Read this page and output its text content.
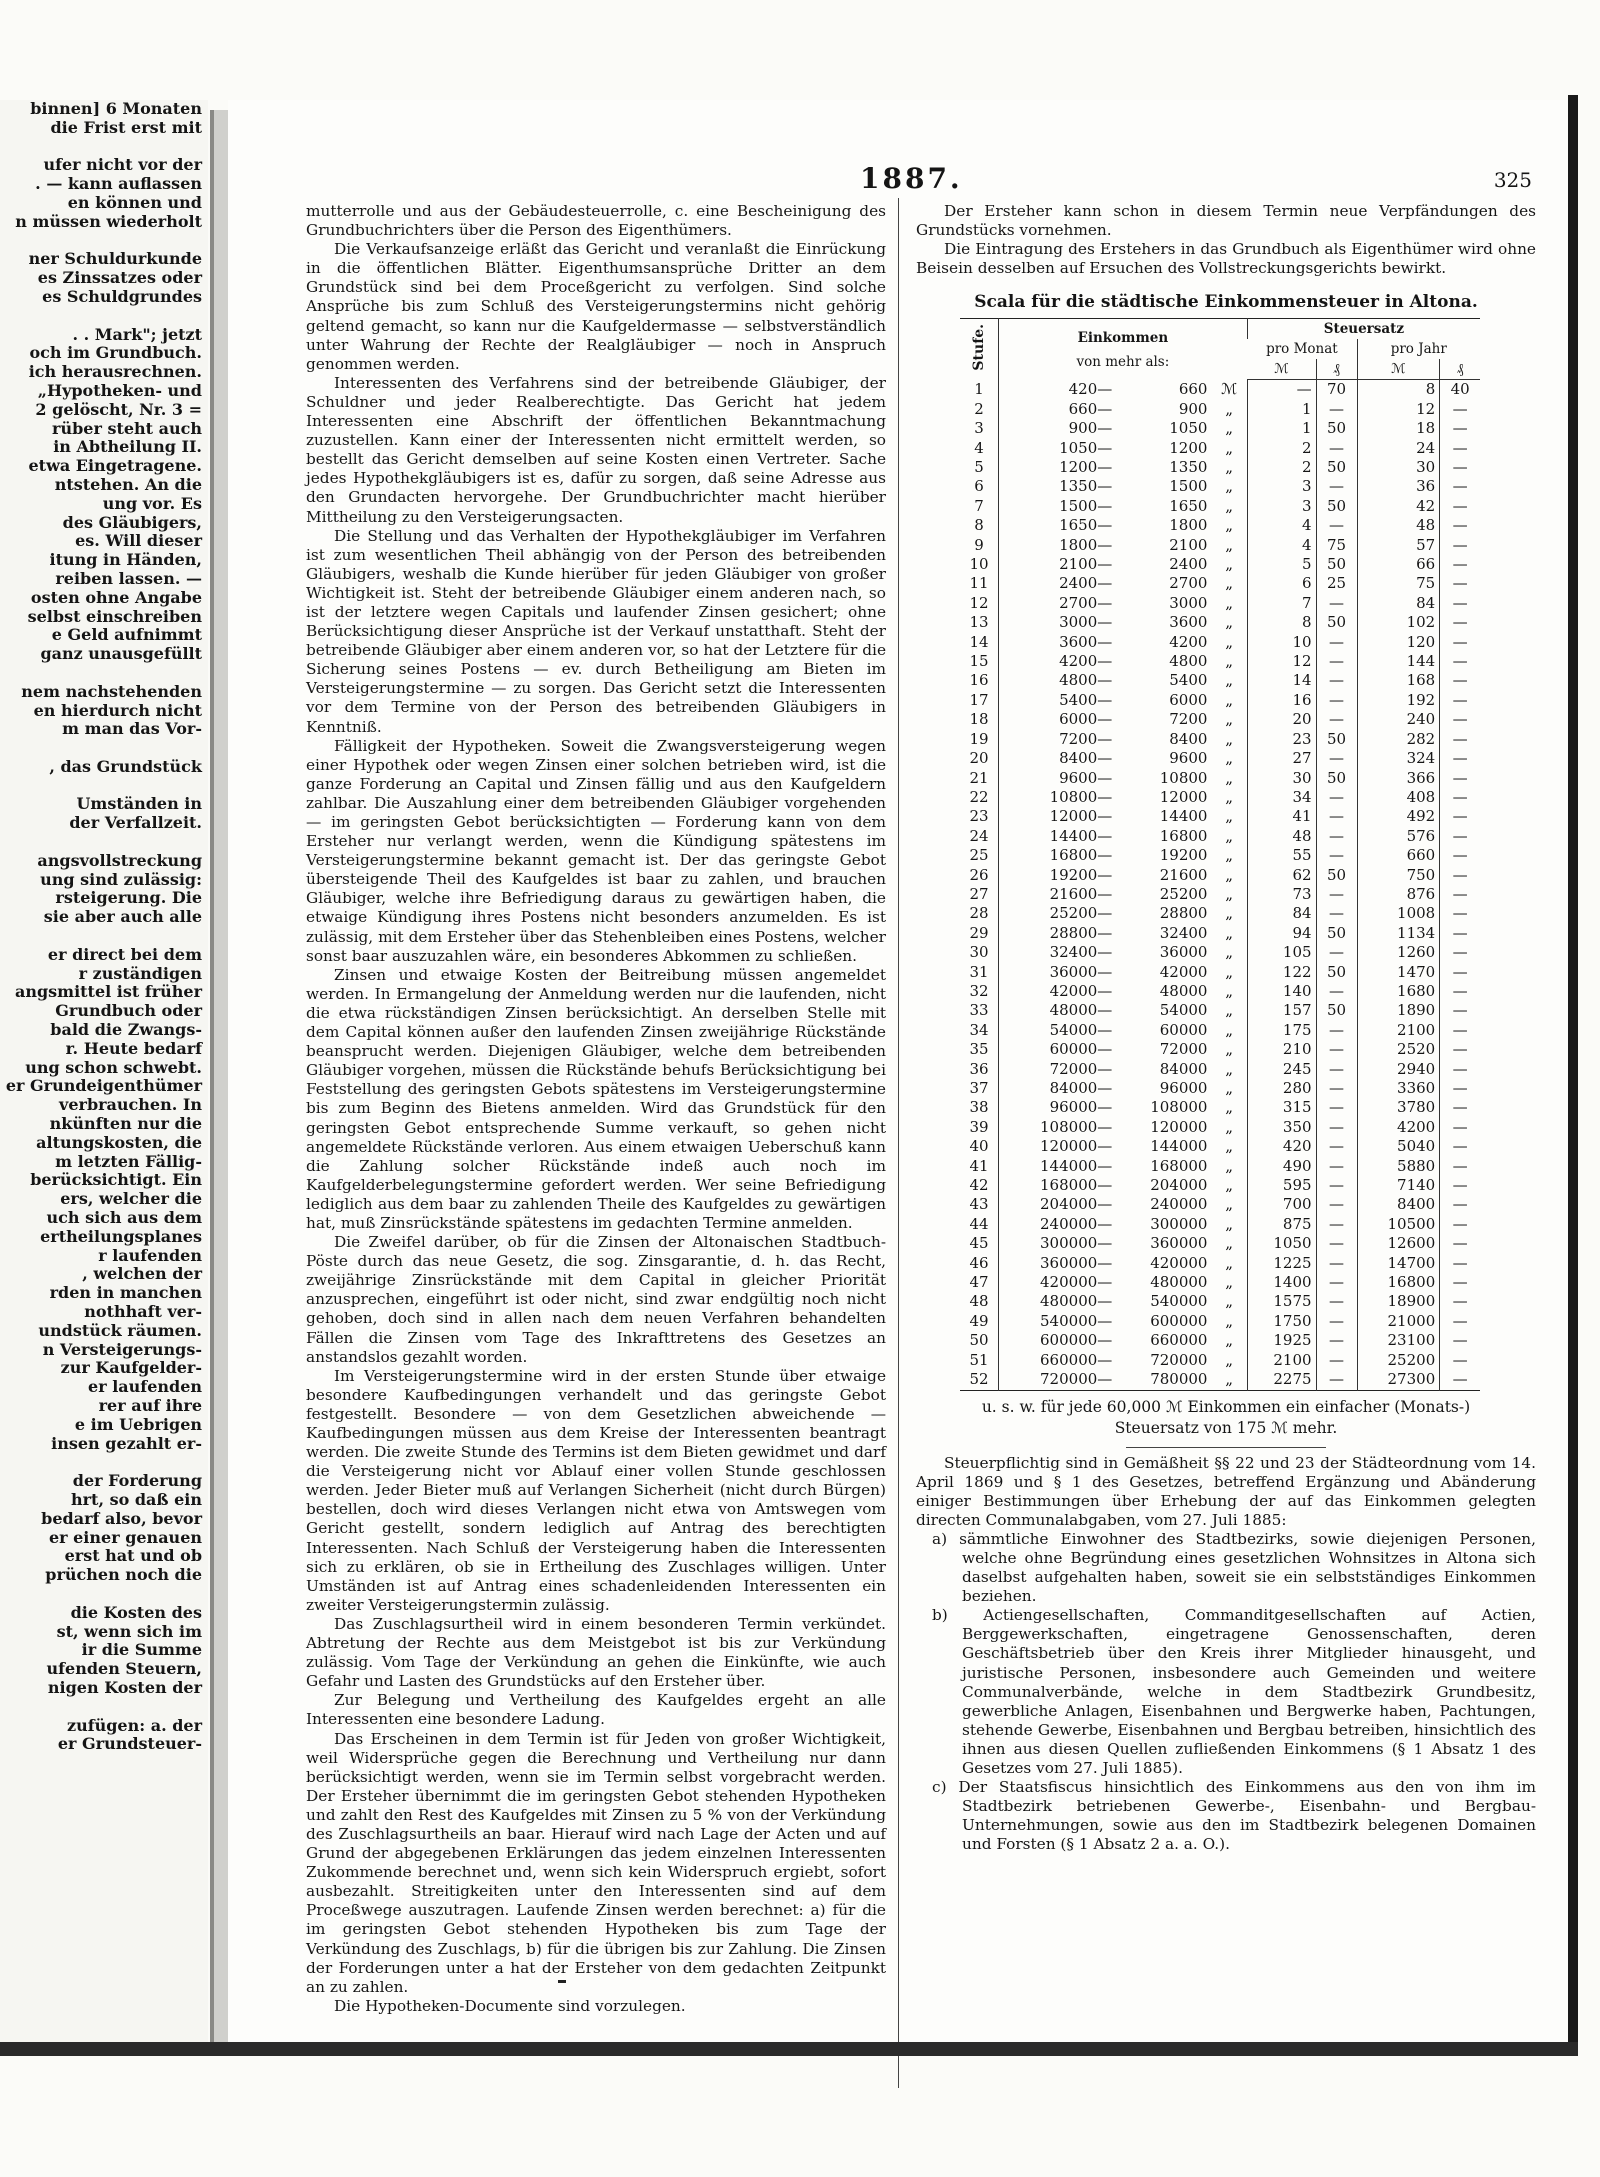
binnen] 6 Monaten
die Frist erst mit

ufer nicht vor der
. — kann auflassen
en können und
n müssen wiederholt

ner Schuldurkunde
es Zinssatzes oder
es Schuldgrundes

. . Mark"; jetzt
och im Grundbuch.
ich herausrechnen.
„Hypotheken- und
2 gelöscht, Nr. 3 =
rüber steht auch
in Abtheilung II.
etwa Eingetragene.
ntstehen. An die
ung vor. Es
des Gläubigers,
es. Will dieser
itung in Händen,
reiben lassen. —
osten ohne Angabe
selbst einschreiben
e Geld aufnimmt
ganz unausgefüllt

nem nachstehenden
en hierdurch nicht
m man das Vor-

, das Grundstück

Umständen in
der Verfallzeit.

angsvollstreckung
ung sind zulässig:
rsteigerung. Die
sie aber auch alle

er direct bei dem
r zuständigen
angsmittel ist früher
Grundbuch oder
bald die Zwangs-
r. Heute bedarf
ung schon schwebt.
er Grundeigenthümer
verbrauchen. In
nkünften nur die
altungskosten, die
m letzten Fällig-
berücksichtigt. Ein
ers, welcher die
uch sich aus dem
ertheilungsplanes
r laufenden
, welchen der
rden in manchen
nothhaft ver-
undstück räumen.
n Versteigerungs-
zur Kaufgelder-
er laufenden
rer auf ihre
e im Uebrigen
insen gezahlt er-

der Forderung
hrt, so daß ein
bedarf also, bevor
er einer genauen
erst hat und ob
prüchen noch die

die Kosten des
st, wenn sich im
ir die Summe
ufenden Steuern,
nigen Kosten der

zufügen: a. der
er Grundsteuer-
1887.	325

mutterrolle und aus der Gebäudesteuerrolle, c. eine Bescheinigung des Grundbuchrichters über die Person des Eigenthümers.

Die Verkaufsanzeige erläßt das Gericht und veranlaßt die Einrückung in die öffentlichen Blätter. Eigenthumsansprüche Dritter an dem Grundstück sind bei dem Proceßgericht zu verfolgen. Sind solche Ansprüche bis zum Schluß des Versteigerungstermins nicht gehörig geltend gemacht, so kann nur die Kaufgeldermasse — selbstverständlich unter Wahrung der Rechte der Realgläubiger — noch in Anspruch genommen werden.

Interessenten des Verfahrens sind der betreibende Gläubiger, der Schuldner und jeder Realberechtigte. Das Gericht hat jedem Interessenten eine Abschrift der öffentlichen Bekanntmachung zuzustellen. Kann einer der Interessenten nicht ermittelt werden, so bestellt das Gericht demselben auf seine Kosten einen Vertreter. Sache jedes Hypothekgläubigers ist es, dafür zu sorgen, daß seine Adresse aus den Grundacten hervorgehe. Der Grundbuchrichter macht hierüber Mittheilung zu den Versteigerungsacten.

Die Stellung und das Verhalten der Hypothekgläubiger im Verfahren ist zum wesentlichen Theil abhängig von der Person des betreibenden Gläubigers, weshalb die Kunde hierüber für jeden Gläubiger von großer Wichtigkeit ist. Steht der betreibende Gläubiger einem anderen nach, so ist der letztere wegen Capitals und laufender Zinsen gesichert; ohne Berücksichtigung dieser Ansprüche ist der Verkauf unstatthaft. Steht der betreibende Gläubiger aber einem anderen vor, so hat der Letztere für die Sicherung seines Postens — ev. durch Betheiligung am Bieten im Versteigerungstermine — zu sorgen. Das Gericht setzt die Interessenten vor dem Termine von der Person des betreibenden Gläubigers in Kenntniß.

Fälligkeit der Hypotheken. Soweit die Zwangsversteigerung wegen einer Hypothek oder wegen Zinsen einer solchen betrieben wird, ist die ganze Forderung an Capital und Zinsen fällig und aus den Kaufgeldern zahlbar. Die Auszahlung einer dem betreibenden Gläubiger vorgehenden — im geringsten Gebot berücksichtigten — Forderung kann von dem Ersteher nur verlangt werden, wenn die Kündigung spätestens im Versteigerungstermine bekannt gemacht ist. Der das geringste Gebot übersteigende Theil des Kaufgeldes ist baar zu zahlen, und brauchen Gläubiger, welche ihre Befriedigung daraus zu gewärtigen haben, die etwaige Kündigung ihres Postens nicht besonders anzumelden. Es ist zulässig, mit dem Ersteher über das Stehenbleiben eines Postens, welcher sonst baar auszuzahlen wäre, ein besonderes Abkommen zu schließen.

Zinsen und etwaige Kosten der Beitreibung müssen angemeldet werden. In Ermangelung der Anmeldung werden nur die laufenden, nicht die etwa rückständigen Zinsen berücksichtigt. An derselben Stelle mit dem Capital können außer den laufenden Zinsen zweijährige Rückstände beansprucht werden. Diejenigen Gläubiger, welche dem betreibenden Gläubiger vorgehen, müssen die Rückstände behufs Berücksichtigung bei Feststellung des geringsten Gebots spätestens im Versteigerungstermine bis zum Beginn des Bietens anmelden. Wird das Grundstück für den geringsten Gebot entsprechende Summe verkauft, so gehen nicht angemeldete Rückstände verloren. Aus einem etwaigen Ueberschuß kann die Zahlung solcher Rückstände indeß auch noch im Kaufgelderbelegungstermine gefordert werden. Wer seine Befriedigung lediglich aus dem baar zu zahlenden Theile des Kaufgeldes zu gewärtigen hat, muß Zinsrückstände spätestens im gedachten Termine anmelden.

Die Zweifel darüber, ob für die Zinsen der Altonaischen Stadtbuch-Pöste durch das neue Gesetz, die sog. Zinsgarantie, d. h. das Recht, zweijährige Zinsrückstände mit dem Capital in gleicher Priorität anzusprechen, eingeführt ist oder nicht, sind zwar endgültig noch nicht gehoben, doch sind in allen nach dem neuen Verfahren behandelten Fällen die Zinsen vom Tage des Inkrafttretens des Gesetzes an anstandslos gezahlt worden.

Im Versteigerungstermine wird in der ersten Stunde über etwaige besondere Kaufbedingungen verhandelt und das geringste Gebot festgestellt. Besondere — von dem Gesetzlichen abweichende — Kaufbedingungen müssen aus dem Kreise der Interessenten beantragt werden. Die zweite Stunde des Termins ist dem Bieten gewidmet und darf die Versteigerung nicht vor Ablauf einer vollen Stunde geschlossen werden. Jeder Bieter muß auf Verlangen Sicherheit (nicht durch Bürgen) bestellen, doch wird dieses Verlangen nicht etwa von Amtswegen vom Gericht gestellt, sondern lediglich auf Antrag des berechtigten Interessenten. Nach Schluß der Versteigerung haben die Interessenten sich zu erklären, ob sie in Ertheilung des Zuschlages willigen. Unter Umständen ist auf Antrag eines schadenleidenden Interessenten ein zweiter Versteigerungstermin zulässig.

Das Zuschlagsurtheil wird in einem besonderen Termin verkündet. Abtretung der Rechte aus dem Meistgebot ist bis zur Verkündung zulässig. Vom Tage der Verkündung an gehen die Einkünfte, wie auch Gefahr und Lasten des Grundstücks auf den Ersteher über.

Zur Belegung und Vertheilung des Kaufgeldes ergeht an alle Interessenten eine besondere Ladung.

Das Erscheinen in dem Termin ist für Jeden von großer Wichtigkeit, weil Widersprüche gegen die Berechnung und Vertheilung nur dann berücksichtigt werden, wenn sie im Termin selbst vorgebracht werden. Der Ersteher übernimmt die im geringsten Gebot stehenden Hypotheken und zahlt den Rest des Kaufgeldes mit Zinsen zu 5 % von der Verkündung des Zuschlagsurtheils an baar. Hierauf wird nach Lage der Acten und auf Grund der abgegebenen Erklärungen das jedem einzelnen Interessenten Zukommende berechnet und, wenn sich kein Widerspruch ergiebt, sofort ausbezahlt. Streitigkeiten unter den Interessenten sind auf dem Proceßwege auszutragen. Laufende Zinsen werden berechnet: a) für die im geringsten Gebot stehenden Hypotheken bis zum Tage der Verkündung des Zuschlags, b) für die übrigen bis zur Zahlung. Die Zinsen der Forderungen unter a hat der Ersteher von dem gedachten Zeitpunkt an zu zahlen.

Die Hypotheken-Documente sind vorzulegen.

Der Ersteher kann schon in diesem Termin neue Verpfändungen des Grundstücks vornehmen.

Die Eintragung des Erstehers in das Grundbuch als Eigenthümer wird ohne Beisein desselben auf Ersuchen des Vollstreckungsgerichts bewirkt.

Scala für die städtische Einkommensteuer in Altona.
Stufe.	Einkommen
von mehr als:			Steuersatz			
				pro Monat		pro Jahr	
				ℳ	₰	ℳ	₰
1	420—	660	ℳ	—	70	8	40
2	660—	900	„	1	—	12	—
3	900—	1050	„	1	50	18	—
4	1050—	1200	„	2	—	24	—
5	1200—	1350	„	2	50	30	—
6	1350—	1500	„	3	—	36	—
7	1500—	1650	„	3	50	42	—
8	1650—	1800	„	4	—	48	—
9	1800—	2100	„	4	75	57	—
10	2100—	2400	„	5	50	66	—
11	2400—	2700	„	6	25	75	—
12	2700—	3000	„	7	—	84	—
13	3000—	3600	„	8	50	102	—
14	3600—	4200	„	10	—	120	—
15	4200—	4800	„	12	—	144	—
16	4800—	5400	„	14	—	168	—
17	5400—	6000	„	16	—	192	—
18	6000—	7200	„	20	—	240	—
19	7200—	8400	„	23	50	282	—
20	8400—	9600	„	27	—	324	—
21	9600—	10800	„	30	50	366	—
22	10800—	12000	„	34	—	408	—
23	12000—	14400	„	41	—	492	—
24	14400—	16800	„	48	—	576	—
25	16800—	19200	„	55	—	660	—
26	19200—	21600	„	62	50	750	—
27	21600—	25200	„	73	—	876	—
28	25200—	28800	„	84	—	1008	—
29	28800—	32400	„	94	50	1134	—
30	32400—	36000	„	105	—	1260	—
31	36000—	42000	„	122	50	1470	—
32	42000—	48000	„	140	—	1680	—
33	48000—	54000	„	157	50	1890	—
34	54000—	60000	„	175	—	2100	—
35	60000—	72000	„	210	—	2520	—
36	72000—	84000	„	245	—	2940	—
37	84000—	96000	„	280	—	3360	—
38	96000—	108000	„	315	—	3780	—
39	108000—	120000	„	350	—	4200	—
40	120000—	144000	„	420	—	5040	—
41	144000—	168000	„	490	—	5880	—
42	168000—	204000	„	595	—	7140	—
43	204000—	240000	„	700	—	8400	—
44	240000—	300000	„	875	—	10500	—
45	300000—	360000	„	1050	—	12600	—
46	360000—	420000	„	1225	—	14700	—
47	420000—	480000	„	1400	—	16800	—
48	480000—	540000	„	1575	—	18900	—
49	540000—	600000	„	1750	—	21000	—
50	600000—	660000	„	1925	—	23100	—
51	660000—	720000	„	2100	—	25200	—
52	720000—	780000	„	2275	—	27300	—
u. s. w. für jede 60,000 ℳ Einkommen ein einfacher (Monats-)
Steuersatz von 175 ℳ mehr.

Steuerpflichtig sind in Gemäßheit §§ 22 und 23 der Städteordnung vom 14. April 1869 und § 1 des Gesetzes, betreffend Ergänzung und Abänderung einiger Bestimmungen über Erhebung der auf das Einkommen gelegten directen Communalabgaben, vom 27. Juli 1885:

a) sämmtliche Einwohner des Stadtbezirks, sowie diejenigen Personen, welche ohne Begründung eines gesetzlichen Wohnsitzes in Altona sich daselbst aufgehalten haben, soweit sie ein selbstständiges Einkommen beziehen.

b) Actiengesellschaften, Commanditgesellschaften auf Actien, Berggewerkschaften, eingetragene Genossenschaften, deren Geschäftsbetrieb über den Kreis ihrer Mitglieder hinausgeht, und juristische Personen, insbesondere auch Gemeinden und weitere Communalverbände, welche in dem Stadtbezirk Grundbesitz, gewerbliche Anlagen, Eisenbahnen und Bergwerke haben, Pachtungen, stehende Gewerbe, Eisenbahnen und Bergbau betreiben, hinsichtlich des ihnen aus diesen Quellen zufließenden Einkommens (§ 1 Absatz 1 des Gesetzes vom 27. Juli 1885).

c) Der Staatsfiscus hinsichtlich des Einkommens aus den von ihm im Stadtbezirk betriebenen Gewerbe-, Eisenbahn- und Bergbau-Unternehmungen, sowie aus den im Stadtbezirk belegenen Domainen und Forsten (§ 1 Absatz 2 a. a. O.).
